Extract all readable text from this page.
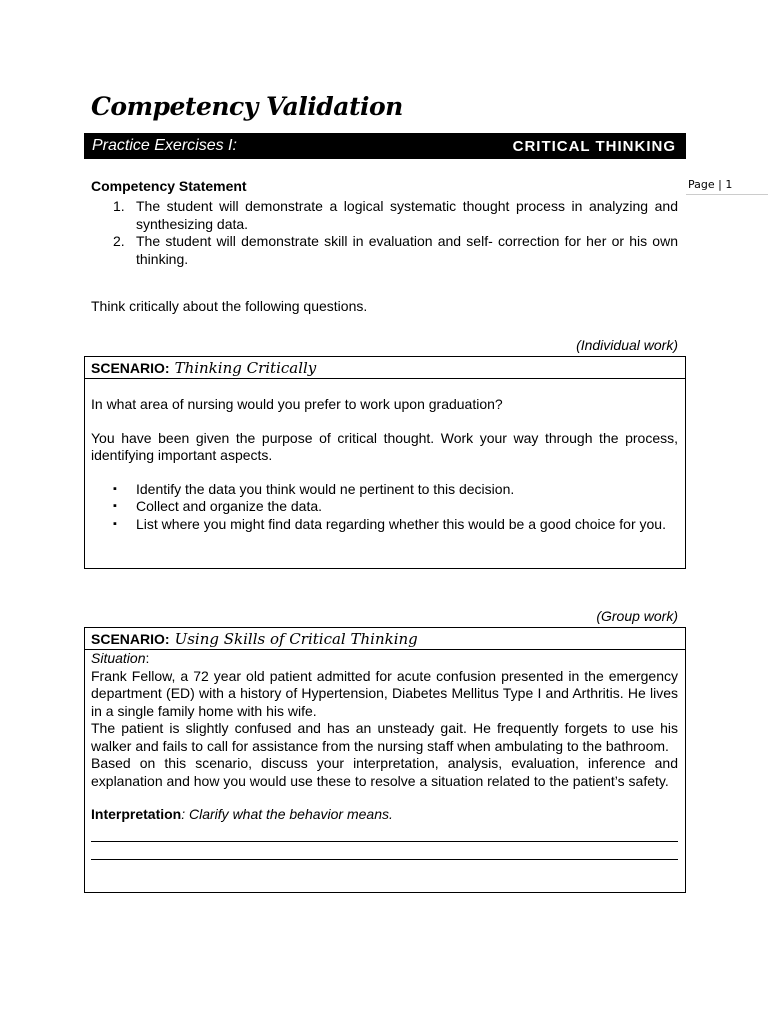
Competency Validation
Practice Exercises I:	CRITICAL THINKING
Page | 1
Competency Statement
1. The student will demonstrate a logical systematic thought process in analyzing and synthesizing data.
2. The student will demonstrate skill in evaluation and self- correction for her or his own thinking.
Think critically about the following questions.
(Individual work)
SCENARIO: Thinking Critically
In what area of nursing would you prefer to work upon graduation?
You have been given the purpose of critical thought. Work your way through the process, identifying important aspects.
▪ Identify the data you think would ne pertinent to this decision.
▪ Collect and organize the data.
▪ List where you might find data regarding whether this would be a good choice for you.
(Group work)
SCENARIO: Using Skills of Critical Thinking
Situation:
Frank Fellow, a 72 year old patient admitted for acute confusion presented in the emergency department (ED) with a history of Hypertension, Diabetes Mellitus Type I and Arthritis. He lives in a single family home with his wife.
The patient is slightly confused and has an unsteady gait. He frequently forgets to use his walker and fails to call for assistance from the nursing staff when ambulating to the bathroom.
Based on this scenario, discuss your interpretation, analysis, evaluation, inference and explanation and how you would use these to resolve a situation related to the patient’s safety.
Interpretation: Clarify what the behavior means.
